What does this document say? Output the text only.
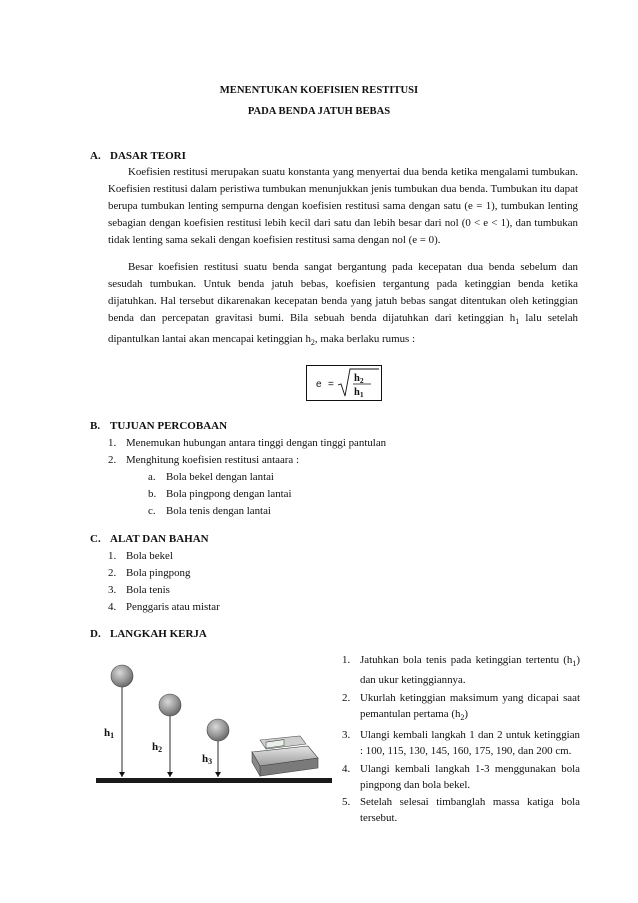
MENENTUKAN KOEFISIEN RESTITUSI
PADA BENDA JATUH BEBAS
A. DASAR TEORI
Koefisien restitusi merupakan suatu konstanta yang menyertai dua benda ketika mengalami tumbukan. Koefisien restitusi dalam peristiwa tumbukan menunjukkan jenis tumbukan dua benda. Tumbukan itu dapat berupa tumbukan lenting sempurna dengan koefisien restitusi sama dengan satu (e = 1), tumbukan lenting sebagian dengan koefisien restitusi lebih kecil dari satu dan lebih besar dari nol (0 < e < 1), dan tumbukan tidak lenting sama sekali dengan koefisien restitusi sama dengan nol (e = 0).
Besar koefisien restitusi suatu benda sangat bergantung pada kecepatan dua benda sebelum dan sesudah tumbukan. Untuk benda jatuh bebas, koefisien tergantung pada ketinggian benda ketika dijatuhkan. Hal tersebut dikarenakan kecepatan benda yang jatuh bebas sangat ditentukan oleh ketinggian benda dan percepatan gravitasi bumi. Bila sebuah benda dijatuhkan dari ketinggian $h_1$ lalu setelah dipantulkan lantai akan mencapai ketinggian $h_2$, maka berlaku rumus :
e =
h2
h1
B. TUJUAN PERCOBAAN
1. Menemukan hubungan antara tinggi dengan tinggi pantulan
2. Menghitung koefisien restitusi antaara :
a. Bola bekel dengan lantai
b. Bola pingpong dengan lantai
c. Bola tenis dengan lantai
C. ALAT DAN BAHAN
1. Bola bekel
2. Bola pingpong
3. Bola tenis
4. Penggaris atau mistar
D. LANGKAH KERJA
h1
h2
h3
1. Jatuhkan bola tenis pada ketinggian tertentu $(h_1)$ dan ukur ketinggiannya.
2. Ukurlah ketinggian maksimum yang dicapai saat pemantulan pertama $(h_2)$
3. Ulangi kembali langkah 1 dan 2 untuk ketinggian : 100, 115, 130, 145, 160, 175, 190, dan 200 cm.
4. Ulangi kembali langkah 1-3 menggunakan bola pingpong dan bola bekel.
5. Setelah selesai timbanglah massa katiga bola tersebut.
